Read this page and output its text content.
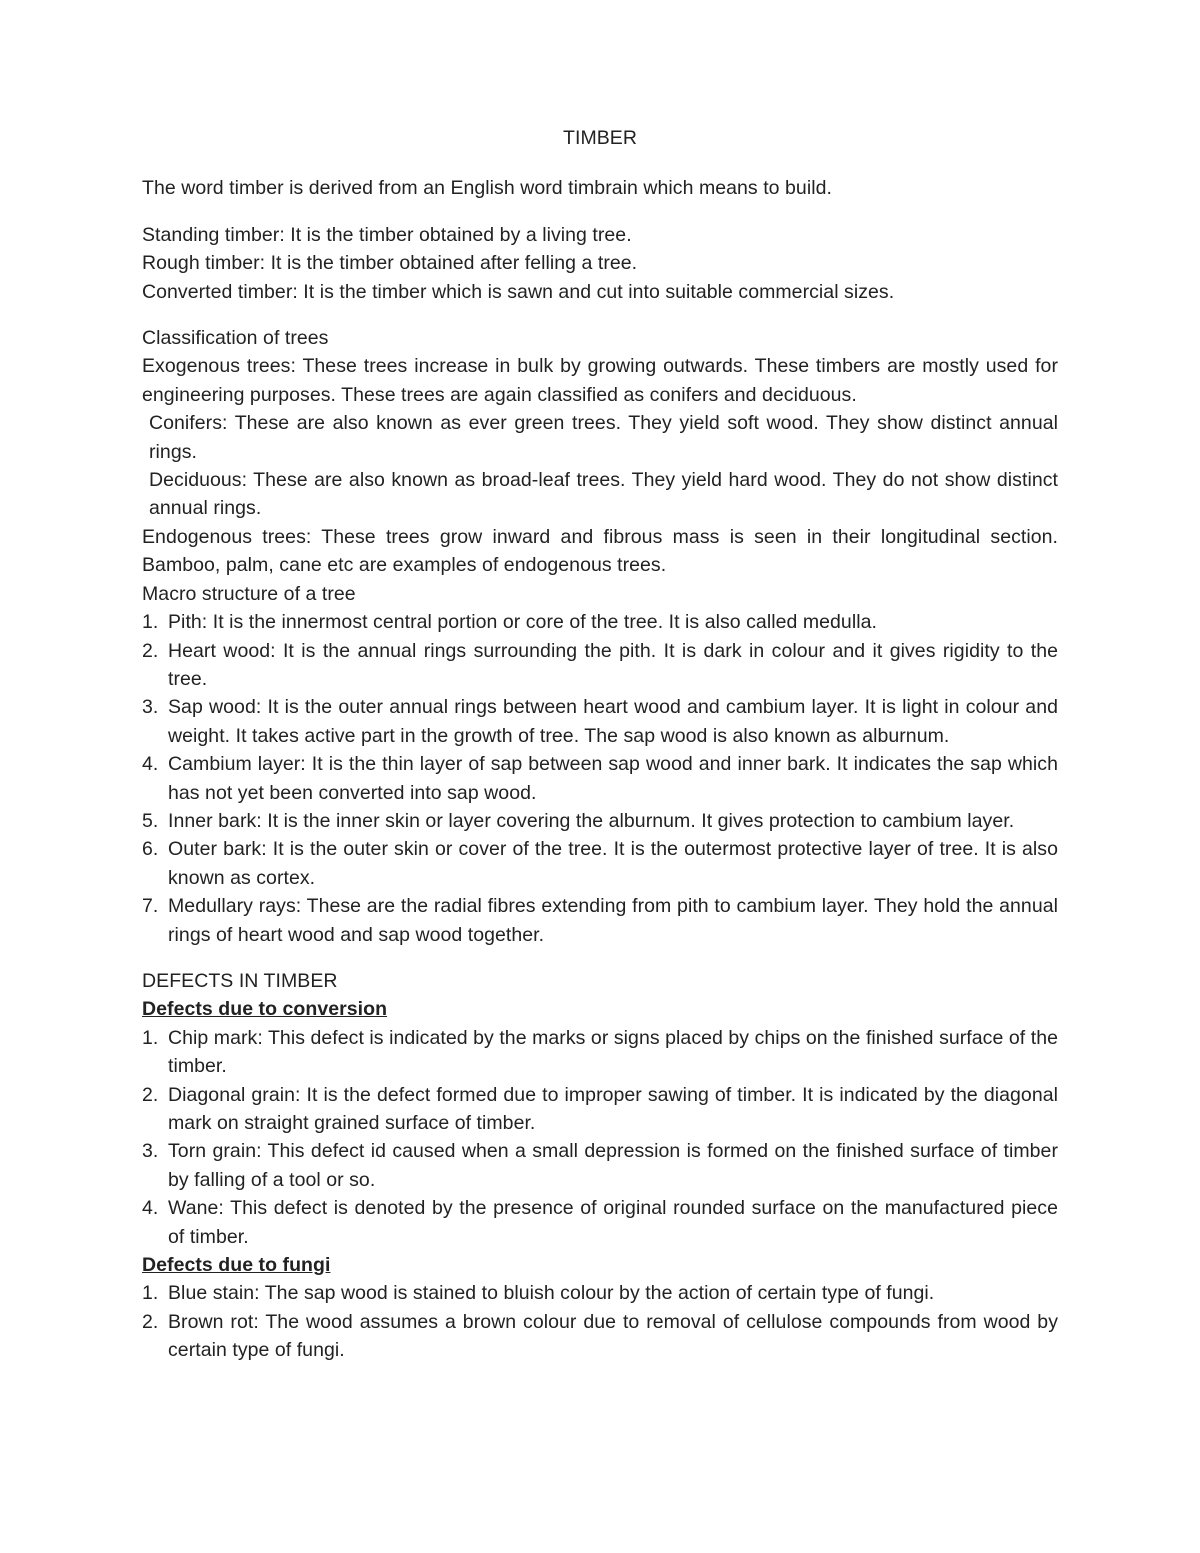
TIMBER

The word timber is derived from an English word timbrain which means to build.

Standing timber: It is the timber obtained by a living tree.

Rough timber: It is the timber obtained after felling a tree.

Converted timber: It is the timber which is sawn and cut into suitable commercial sizes.

Classification of trees

Exogenous trees: These trees increase in bulk by growing outwards. These timbers are mostly used for engineering purposes. These trees are again classified as conifers and deciduous.

Conifers: These are also known as ever green trees. They yield soft wood. They show distinct annual rings.

Deciduous: These are also known as broad-leaf trees. They yield hard wood. They do not show distinct annual rings.

Endogenous trees: These trees grow inward and fibrous mass is seen in their longitudinal section. Bamboo, palm, cane etc are examples of endogenous trees.

Macro structure of a tree

1. Pith: It is the innermost central portion or core of the tree. It is also called medulla.
2. Heart wood: It is the annual rings surrounding the pith. It is dark in colour and it gives rigidity to the tree.
3. Sap wood: It is the outer annual rings between heart wood and cambium layer. It is light in colour and weight. It takes active part in the growth of tree. The sap wood is also known as alburnum.
4. Cambium layer: It is the thin layer of sap between sap wood and inner bark. It indicates the sap which has not yet been converted into sap wood.
5. Inner bark: It is the inner skin or layer covering the alburnum. It gives protection to cambium layer.
6. Outer bark: It is the outer skin or cover of the tree. It is the outermost protective layer of tree. It is also known as cortex.
7. Medullary rays: These are the radial fibres extending from pith to cambium layer. They hold the annual rings of heart wood and sap wood together.

DEFECTS IN TIMBER

Defects due to conversion

1. Chip mark: This defect is indicated by the marks or signs placed by chips on the finished surface of the timber.
2. Diagonal grain: It is the defect formed due to improper sawing of timber. It is indicated by the diagonal mark on straight grained surface of timber.
3. Torn grain: This defect id caused when a small depression is formed on the finished surface of timber by falling of a tool or so.
4. Wane: This defect is denoted by the presence of original rounded surface on the manufactured piece of timber.

Defects due to fungi

1. Blue stain: The sap wood is stained to bluish colour by the action of certain type of fungi.
2. Brown rot: The wood assumes a brown colour due to removal of cellulose compounds from wood by certain type of fungi.
